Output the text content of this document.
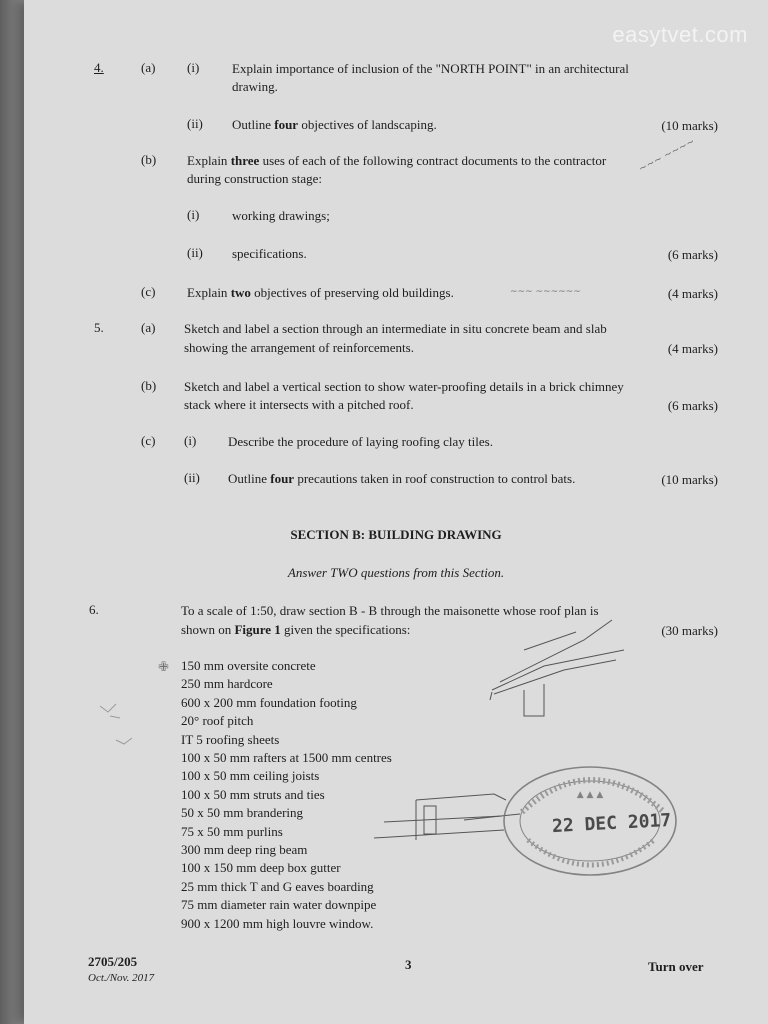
easytvet.com
4.	(a) (i)	Explain importance of inclusion of the "NORTH POINT" in an architectural
drawing.
(ii) Outline four objectives of landscaping.	(10 marks)
(b) Explain three uses of each of the following contract documents to the contractor
during construction stage:
(i)	working drawings;
(ii) specifications.	(6 marks)
(c) Explain two objectives of preserving old buildings.	(4 marks)
5.	(a) Sketch and label a section through an intermediate in situ concrete beam and slab
showing the arrangement of reinforcements.	(4 marks)
(b) Sketch and label a vertical section to show water-proofing details in a brick chimney
stack where it intersects with a pitched roof.	(6 marks)
(c) (i) Describe the procedure of laying roofing clay tiles.
(ii) Outline four precautions taken in roof construction to control bats.	(10 marks)
SECTION B: BUILDING DRAWING
Answer TWO questions from this Section.
6.	To a scale of 1:50, draw section B - B through the maisonette whose roof plan is
shown on Figure 1 given the specifications:	(30 marks)
150 mm oversite concrete
250 mm hardcore
600 x 200 mm foundation footing
20° roof pitch
IT 5 roofing sheets
100 x 50 mm rafters at 1500 mm centres
100 x 50 mm ceiling joists
100 x 50 mm struts and ties
50 x 50 mm brandering
75 x 50 mm purlins
300 mm deep ring beam
100 x 150 mm deep box gutter
25 mm thick T and G eaves boarding
75 mm diameter rain water downpipe
900 x 1200 mm high louvre window.
~~~ ~~~~
~~~ ~~~~~~
✙
▲ ▲ ▲
22 DEC 2017
2705/205
Oct./Nov. 2017
3	Turn over
